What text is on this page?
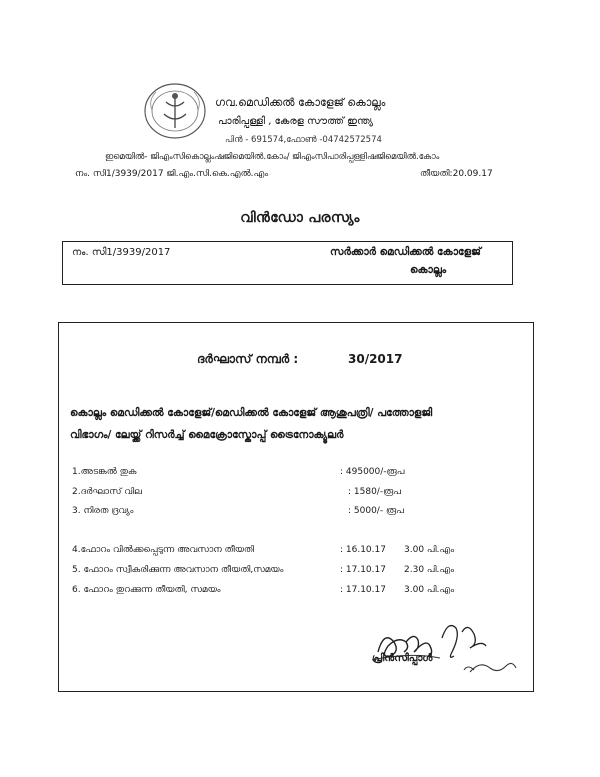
ഗവ.മെഡിക്കൽ കോളേജ് കൊല്ലം
പാരിപ്പള്ളി , കേരള സൗത്ത് ഇന്ത്യ
പിൻ - 691574,ഫോൺ -04742572574
ഇമെയിൽ- ജിഎംസികൊല്ലംഷജിമെയിൽ.കോം/ ജിഎംസിപാരിപ്പള്ളിഷജിമെയിൽ.കോം
നം. സി1/3939/2017 ജി.എം.സി.കെ.എൽ.എം	തീയതി:20.09.17
വിൻഡോ പരസ്യം
നം. സി1/3939/2017	സർക്കാർ മെഡിക്കൽ കോളേജ്
കൊല്ലം
ദർഘാസ് നമ്പർ :	30/2017
കൊല്ലം മെഡിക്കൽ കോളേജ്/മെഡിക്കൽ കോളേജ് ആശുപത്രി/ പത്തോളജി
വിഭാഗം/ ലേയ്ക്ക് റിസർച്ച് മൈക്രോസ്കോപ്പ് ട്രൈനോക്യൂലർ
1.അടങ്കൽ തുക	: 495000/-രൂപ
2.ദർഘാസ് വില	: 1580/-രൂപ
3. നിരത ദ്രവ്യം	: 5000/- രൂപ
4.ഫോറം വിൽക്കപ്പെടുന്ന അവസാന തീയതി	: 16.10.17 3.00 പി.എം
5. ഫോറം സ്വീകരിക്കുന്ന അവസാന തീയതി,സമയം	: 17.10.17 2.30 പി.എം
6. ഫോറം തുറക്കുന്ന തീയതി, സമയം	: 17.10.17 3.00 പി.എം
പ്രിൻസിപ്പാൾ
